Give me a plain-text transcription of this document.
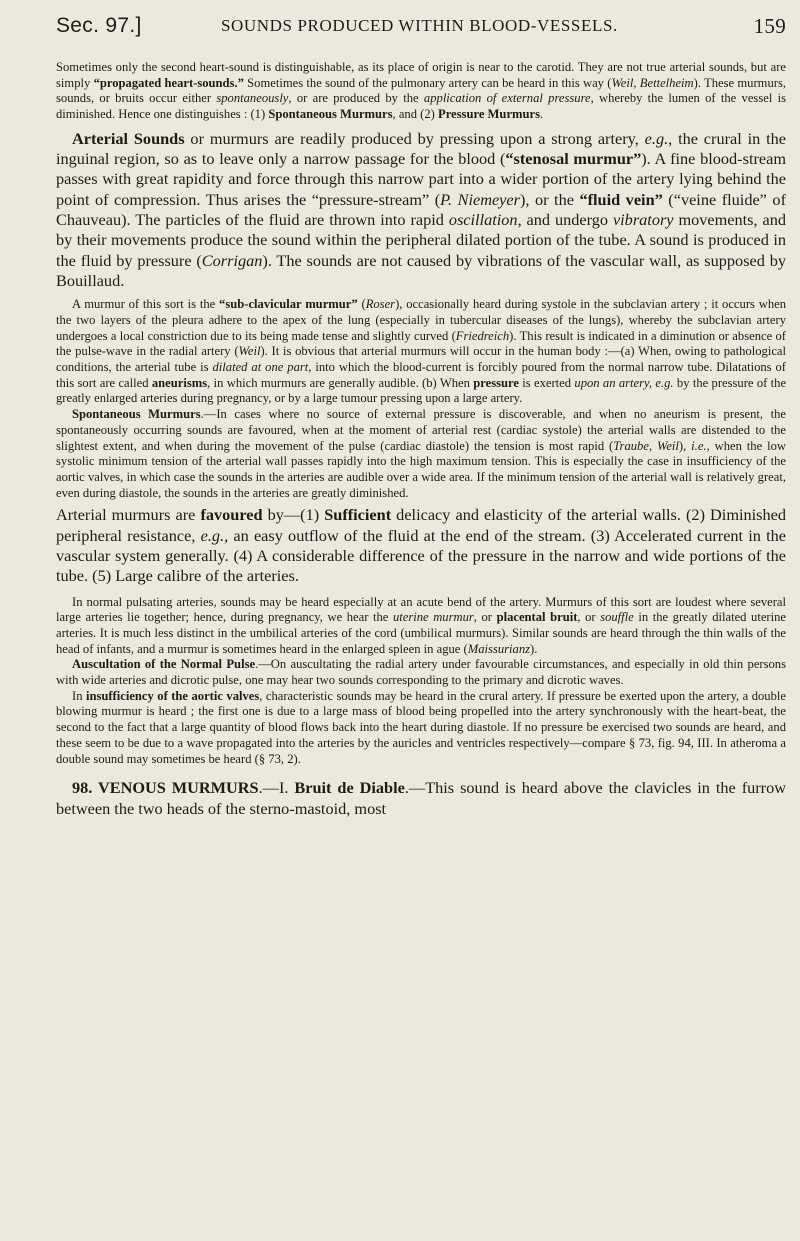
Sec. 97.]	SOUNDS PRODUCED WITHIN BLOOD-VESSELS.	159

Sometimes only the second heart-sound is distinguishable, as its place of origin is near to the carotid. They are not true arterial sounds, but are simply “propagated heart-sounds.” Sometimes the sound of the pulmonary artery can be heard in this way (Weil, Bettelheim). These murmurs, sounds, or bruits occur either spontaneously, or are produced by the application of external pressure, whereby the lumen of the vessel is diminished. Hence one distinguishes : (1) Spontaneous Murmurs, and (2) Pressure Murmurs.

Arterial Sounds or murmurs are readily produced by pressing upon a strong artery, e.g., the crural in the inguinal region, so as to leave only a narrow passage for the blood (“stenosal murmur”). A fine blood-stream passes with great rapidity and force through this narrow part into a wider portion of the artery lying behind the point of compression. Thus arises the “pressure-stream” (P. Niemeyer), or the “fluid vein” (“veine fluide” of Chauveau). The particles of the fluid are thrown into rapid oscillation, and undergo vibratory movements, and by their movements produce the sound within the peripheral dilated portion of the tube. A sound is produced in the fluid by pressure (Corrigan). The sounds are not caused by vibrations of the vascular wall, as supposed by Bouillaud.

A murmur of this sort is the “sub-clavicular murmur” (Roser), occasionally heard during systole in the subclavian artery ; it occurs when the two layers of the pleura adhere to the apex of the lung (especially in tubercular diseases of the lungs), whereby the subclavian artery undergoes a local constriction due to its being made tense and slightly curved (Friedreich). This result is indicated in a diminution or absence of the pulse-wave in the radial artery (Weil). It is obvious that arterial murmurs will occur in the human body :—(a) When, owing to pathological conditions, the arterial tube is dilated at one part, into which the blood-current is forcibly poured from the normal narrow tube. Dilatations of this sort are called aneurisms, in which murmurs are generally audible. (b) When pressure is exerted upon an artery, e.g. by the pressure of the greatly enlarged arteries during pregnancy, or by a large tumour pressing upon a large artery.

Spontaneous Murmurs.—In cases where no source of external pressure is discoverable, and when no aneurism is present, the spontaneously occurring sounds are favoured, when at the moment of arterial rest (cardiac systole) the arterial walls are distended to the slightest extent, and when during the movement of the pulse (cardiac diastole) the tension is most rapid (Traube, Weil), i.e., when the low systolic minimum tension of the arterial wall passes rapidly into the high maximum tension. This is especially the case in insufficiency of the aortic valves, in which case the sounds in the arteries are audible over a wide area. If the minimum tension of the arterial wall is relatively great, even during diastole, the sounds in the arteries are greatly diminished.

Arterial murmurs are favoured by—(1) Sufficient delicacy and elasticity of the arterial walls. (2) Diminished peripheral resistance, e.g., an easy outflow of the fluid at the end of the stream. (3) Accelerated current in the vascular system generally. (4) A considerable difference of the pressure in the narrow and wide portions of the tube. (5) Large calibre of the arteries.

In normal pulsating arteries, sounds may be heard especially at an acute bend of the artery. Murmurs of this sort are loudest where several large arteries lie together; hence, during pregnancy, we hear the uterine murmur, or placental bruit, or souffle in the greatly dilated uterine arteries. It is much less distinct in the umbilical arteries of the cord (umbilical murmurs). Similar sounds are heard through the thin walls of the head of infants, and a murmur is sometimes heard in the enlarged spleen in ague (Maissurianz).

Auscultation of the Normal Pulse.—On auscultating the radial artery under favourable circumstances, and especially in old thin persons with wide arteries and dicrotic pulse, one may hear two sounds corresponding to the primary and dicrotic waves.

In insufficiency of the aortic valves, characteristic sounds may be heard in the crural artery. If pressure be exerted upon the artery, a double blowing murmur is heard ; the first one is due to a large mass of blood being propelled into the artery synchronously with the heart-beat, the second to the fact that a large quantity of blood flows back into the heart during diastole. If no pressure be exercised two sounds are heard, and these seem to be due to a wave propagated into the arteries by the auricles and ventricles respectively—compare § 73, fig. 94, III. In atheroma a double sound may sometimes be heard (§ 73, 2).

98. VENOUS MURMURS.—I. Bruit de Diable.—This sound is heard above the clavicles in the furrow between the two heads of the sterno-mastoid, most
